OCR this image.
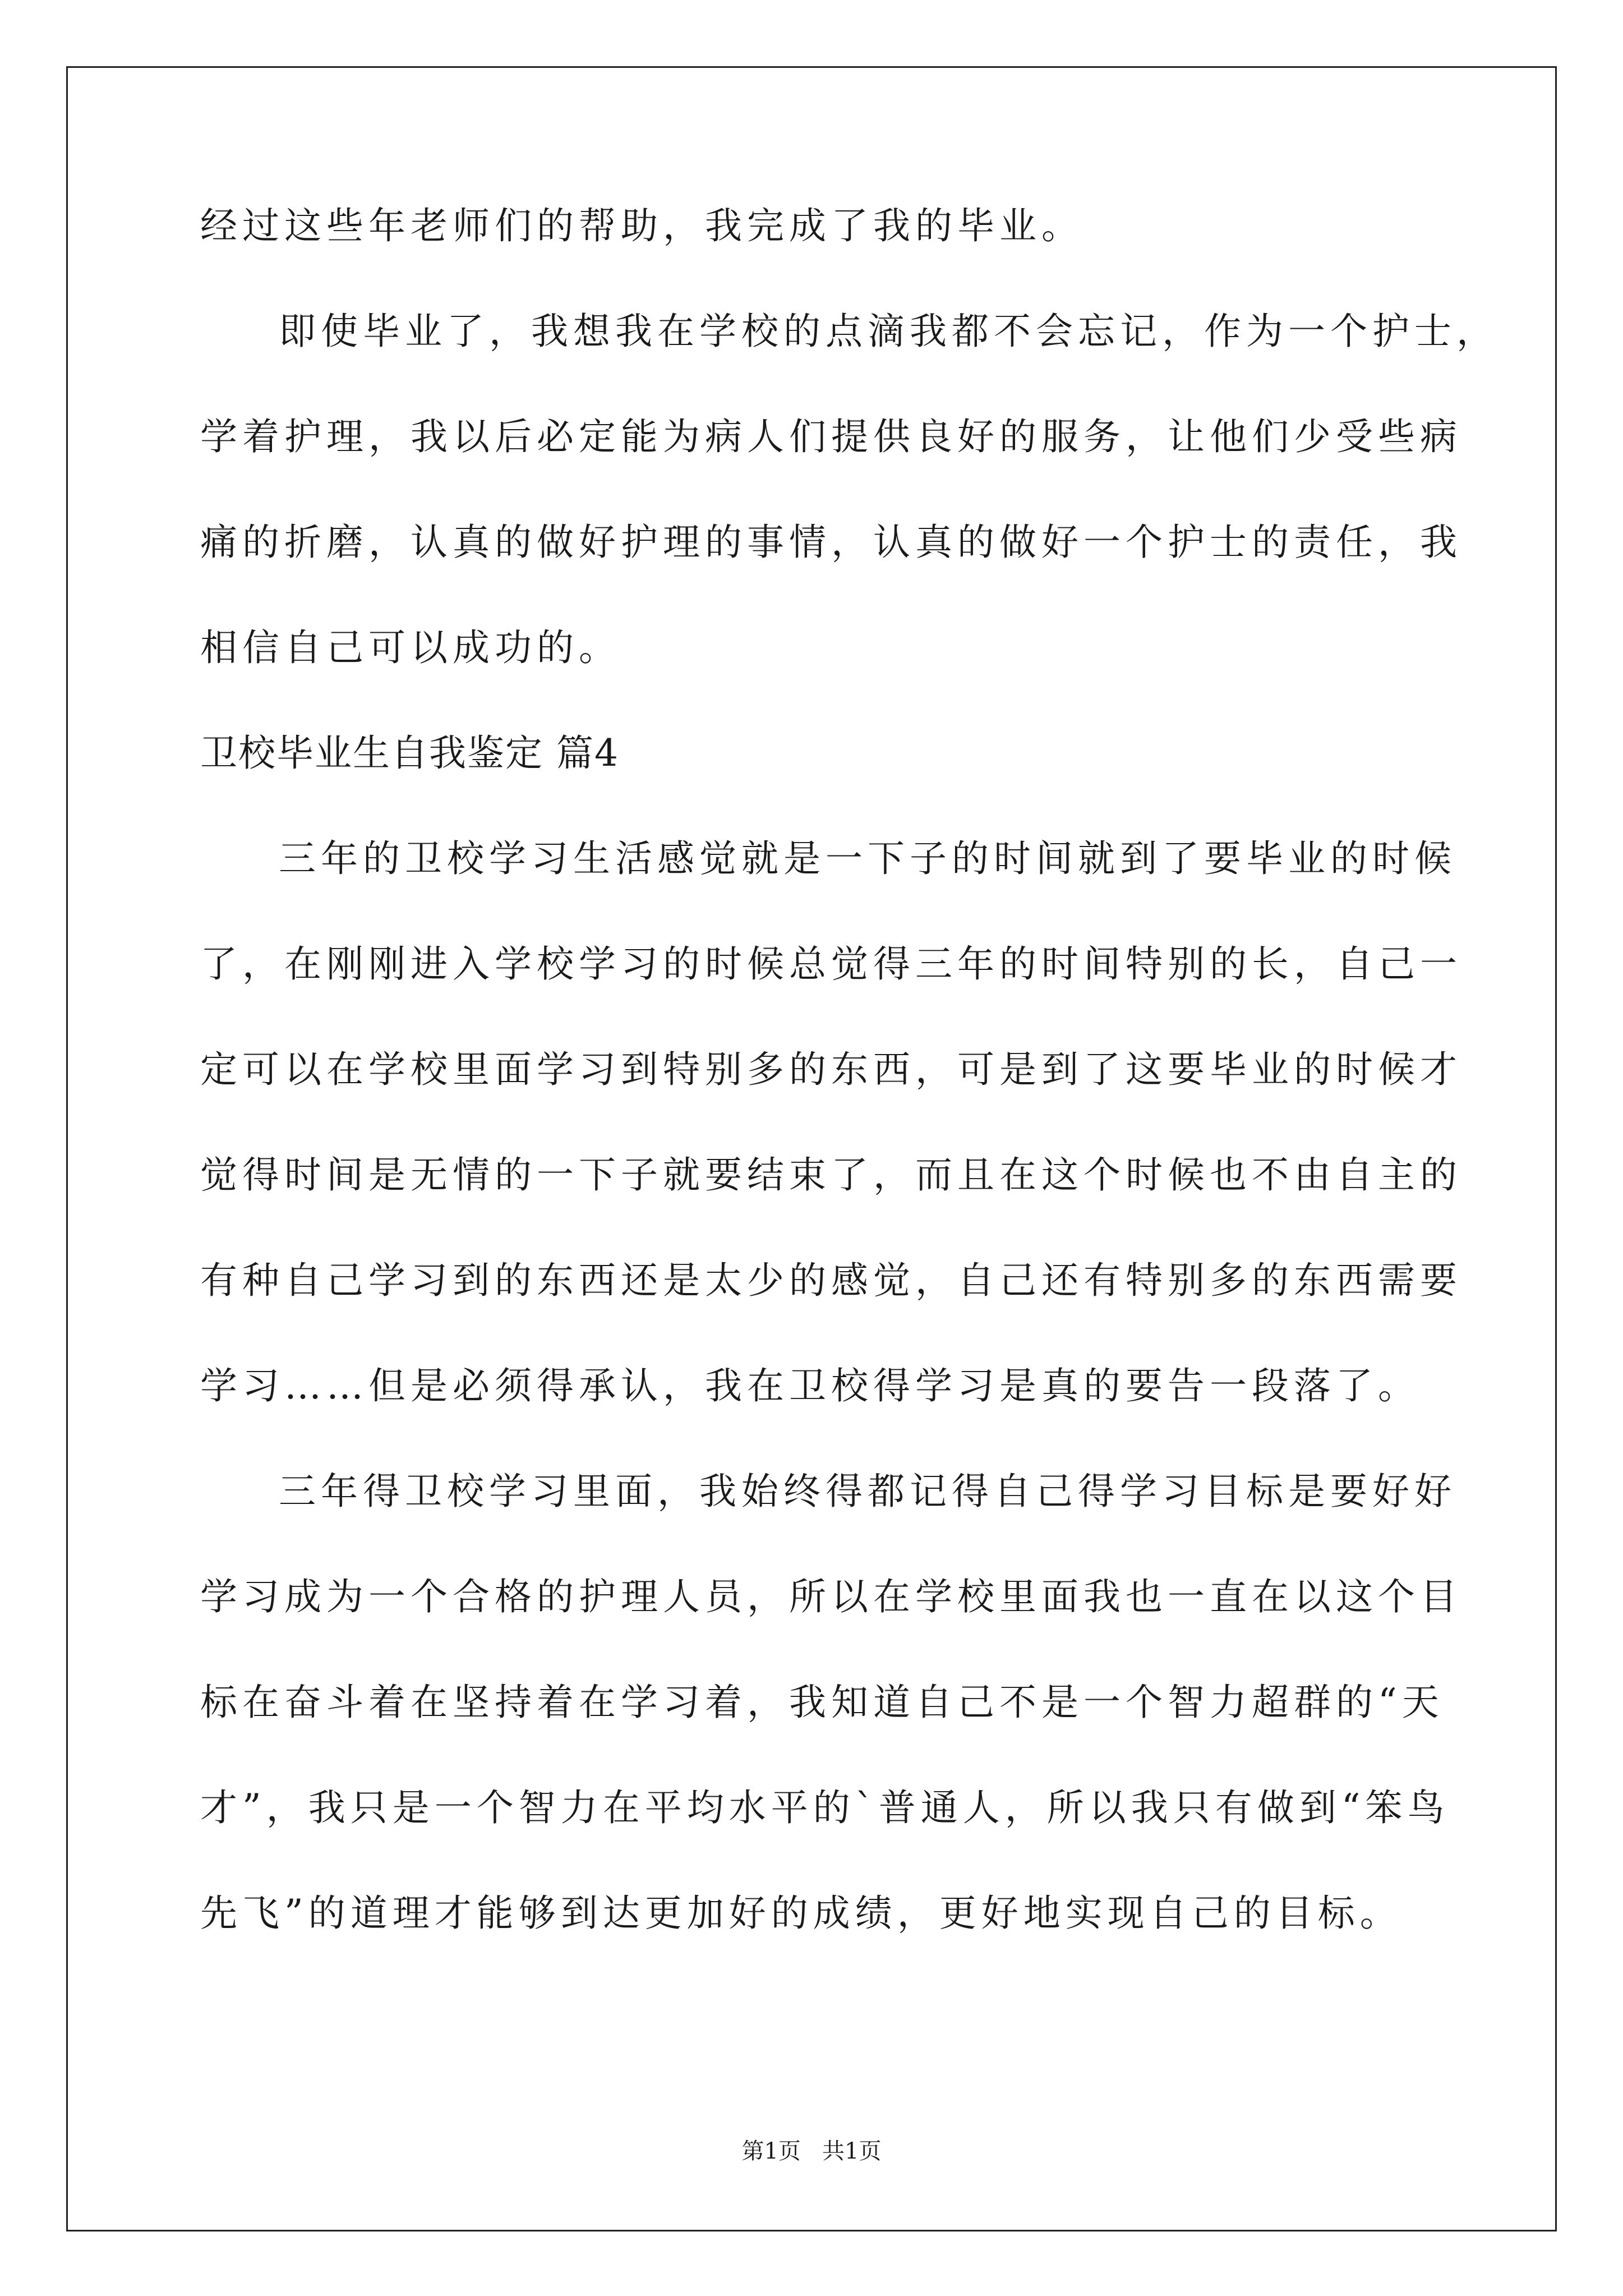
经过这些年老师们的帮助，我完成了我的毕业。
即使毕业了，我想我在学校的点滴我都不会忘记，作为一个护士，
学着护理，我以后必定能为病人们提供良好的服务，让他们少受些病
痛的折磨，认真的做好护理的事情，认真的做好一个护士的责任，我
相信自己可以成功的。
卫校毕业生自我鉴定 篇4
三年的卫校学习生活感觉就是一下子的时间就到了要毕业的时候
了，在刚刚进入学校学习的时候总觉得三年的时间特别的长，自己一
定可以在学校里面学习到特别多的东西，可是到了这要毕业的时候才
觉得时间是无情的一下子就要结束了，而且在这个时候也不由自主的
有种自己学习到的东西还是太少的感觉，自己还有特别多的东西需要
学习……但是必须得承认，我在卫校得学习是真的要告一段落了。
三年得卫校学习里面，我始终得都记得自己得学习目标是要好好
学习成为一个合格的护理人员，所以在学校里面我也一直在以这个目
标在奋斗着在坚持着在学习着，我知道自己不是一个智力超群的“天
才”，我只是一个智力在平均水平的`普通人，所以我只有做到“笨鸟
先飞”的道理才能够到达更加好的成绩，更好地实现自己的目标。
第1页   共1页
